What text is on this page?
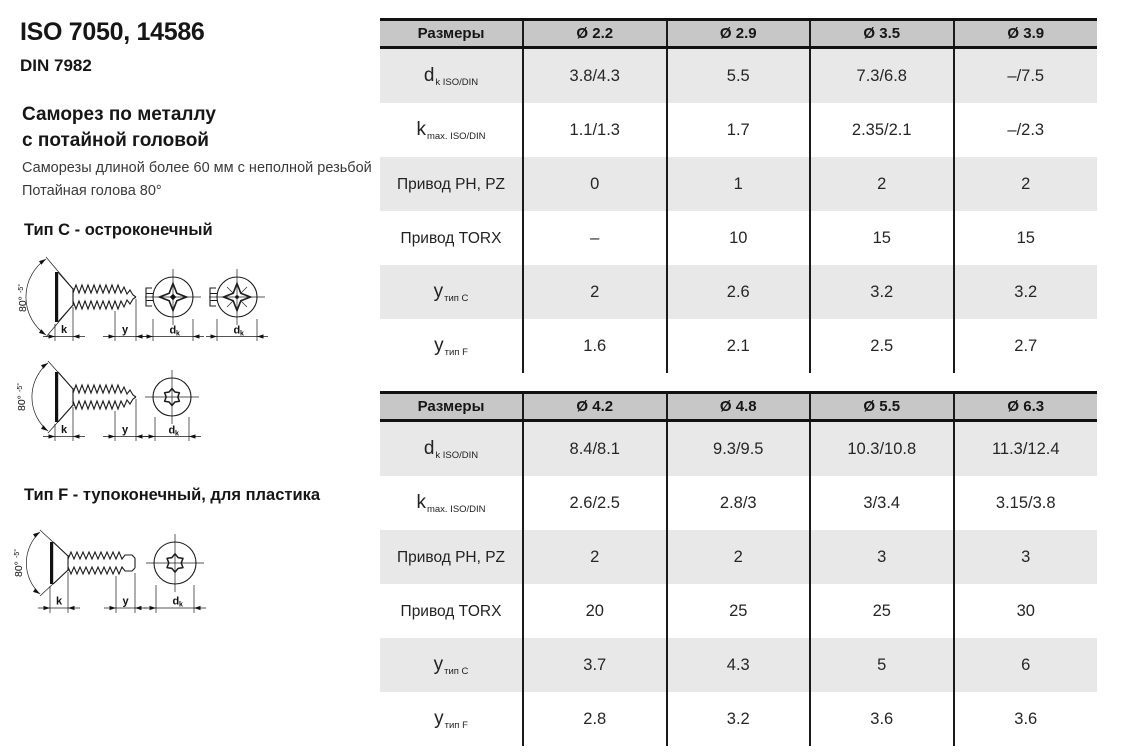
ISO 7050, 14586
DIN 7982
Саморез по металлу
с потайной головой
Саморезы длиной более 60 мм с неполной резьбой
Потайная голова 80°
Тип C - остроконечный
Тип F - тупоконечный, для пластика
80°
-5°
k	y	d k	d k
80°
-5°
k	y	d k
80°
-5°
k	y	d k
Размеры	Ø 2.2	Ø 2.9	Ø 3.5	Ø 3.9
$d_{k ISO/DIN}$	3.8/4.3	5.5	7.3/6.8	–/7.5
$k_{max. ISO/DIN}$	1.1/1.3	1.7	2.35/2.1	–/2.3
Привод PH, PZ	0	1	2	2
Привод TORX	–	10	15	15
$y_{тип C}$	2	2.6	3.2	3.2
$y_{тип F}$	1.6	2.1	2.5	2.7
Размеры	Ø 4.2	Ø 4.8	Ø 5.5	Ø 6.3
$d_{k ISO/DIN}$	8.4/8.1	9.3/9.5	10.3/10.8	11.3/12.4
$k_{max. ISO/DIN}$	2.6/2.5	2.8/3	3/3.4	3.15/3.8
Привод PH, PZ	2	2	3	3
Привод TORX	20	25	25	30
$y_{тип C}$	3.7	4.3	5	6
$y_{тип F}$	2.8	3.2	3.6	3.6
